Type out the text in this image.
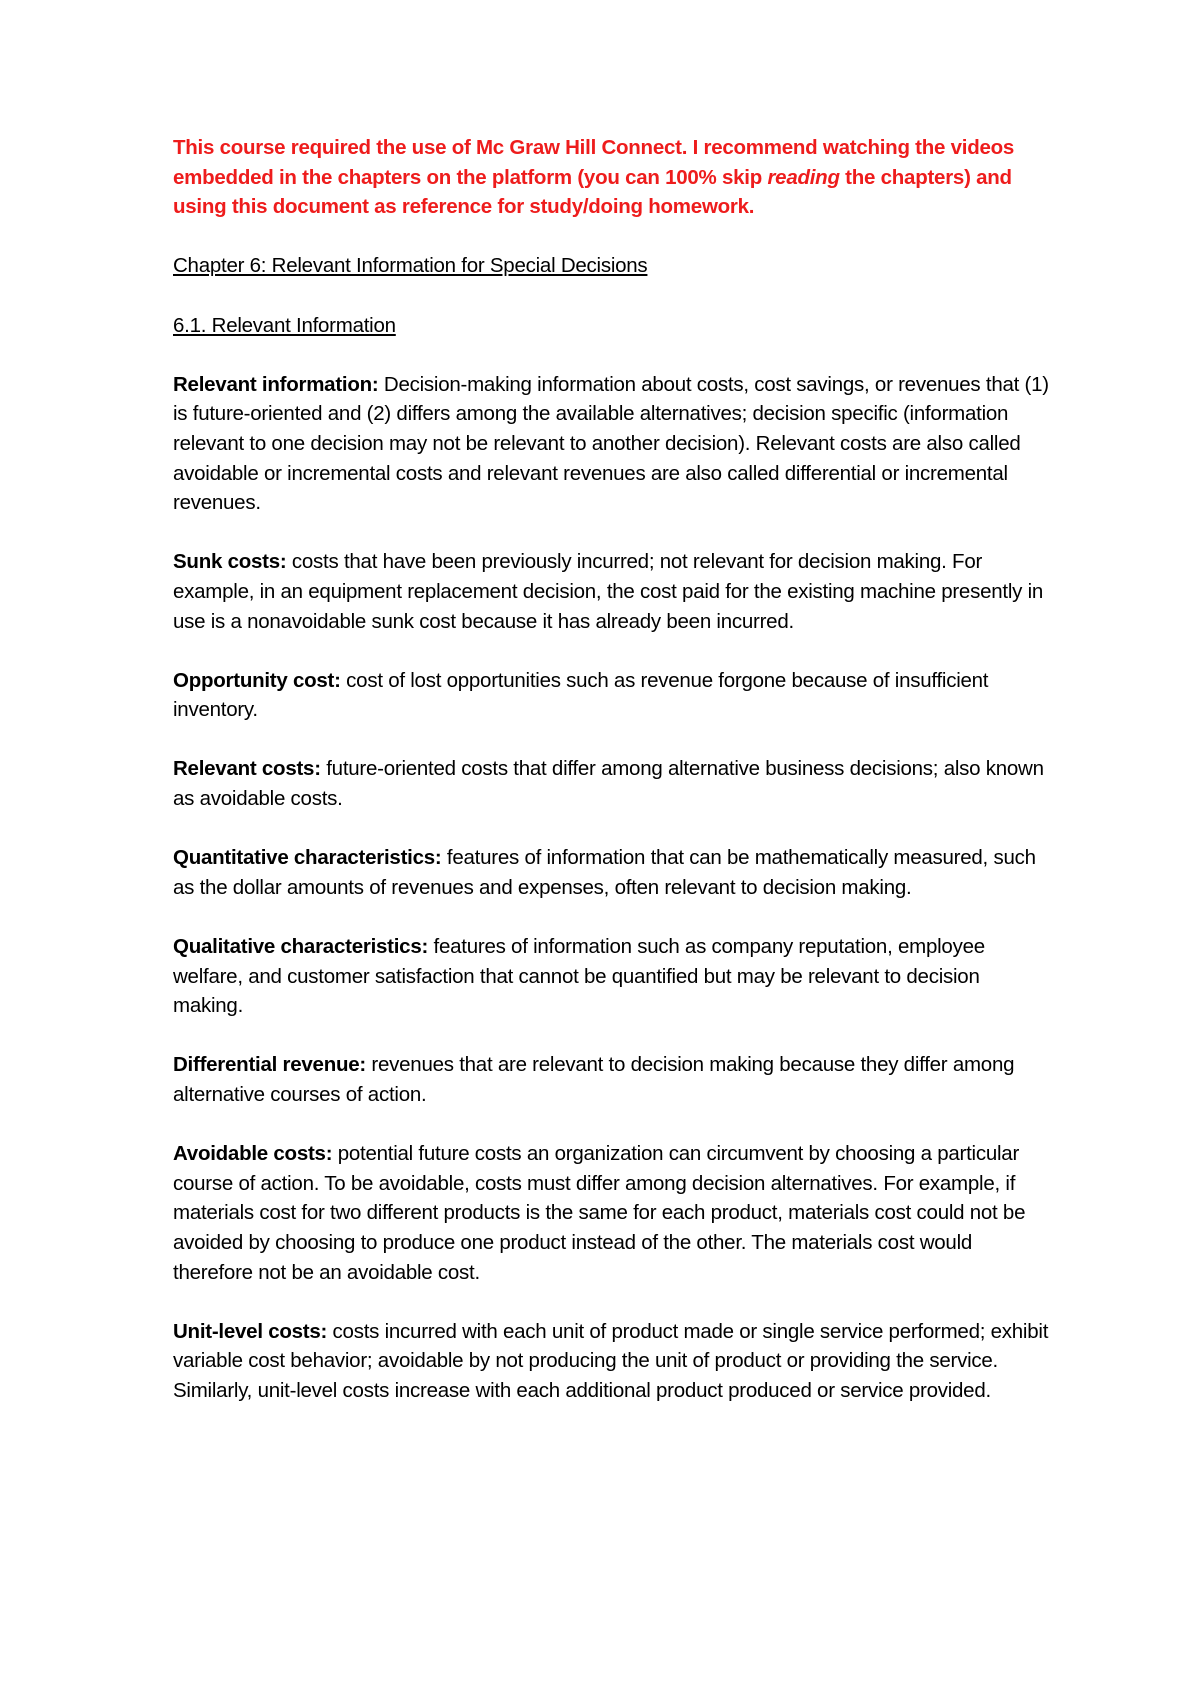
This course required the use of Mc Graw Hill Connect. I recommend watching the videos embedded in the chapters on the platform (you can 100% skip reading the chapters) and using this document as reference for study/doing homework.

Chapter 6: Relevant Information for Special Decisions

6.1. Relevant Information

Relevant information: Decision-making information about costs, cost savings, or revenues that (1) is future-oriented and (2) differs among the available alternatives; decision specific (information relevant to one decision may not be relevant to another decision). Relevant costs are also called avoidable or incremental costs and relevant revenues are also called differential or incremental revenues.

Sunk costs: costs that have been previously incurred; not relevant for decision making. For example, in an equipment replacement decision, the cost paid for the existing machine presently in use is a nonavoidable sunk cost because it has already been incurred.

Opportunity cost: cost of lost opportunities such as revenue forgone because of insufficient inventory.

Relevant costs: future-oriented costs that differ among alternative business decisions; also known as avoidable costs.

Quantitative characteristics: features of information that can be mathematically measured, such as the dollar amounts of revenues and expenses, often relevant to decision making.

Qualitative characteristics: features of information such as company reputation, employee welfare, and customer satisfaction that cannot be quantified but may be relevant to decision making.

Differential revenue: revenues that are relevant to decision making because they differ among alternative courses of action.

Avoidable costs: potential future costs an organization can circumvent by choosing a particular course of action. To be avoidable, costs must differ among decision alternatives. For example, if materials cost for two different products is the same for each product, materials cost could not be avoided by choosing to produce one product instead of the other. The materials cost would therefore not be an avoidable cost.

Unit-level costs: costs incurred with each unit of product made or single service performed; exhibit variable cost behavior; avoidable by not producing the unit of product or providing the service. Similarly, unit-level costs increase with each additional product produced or service provided.
